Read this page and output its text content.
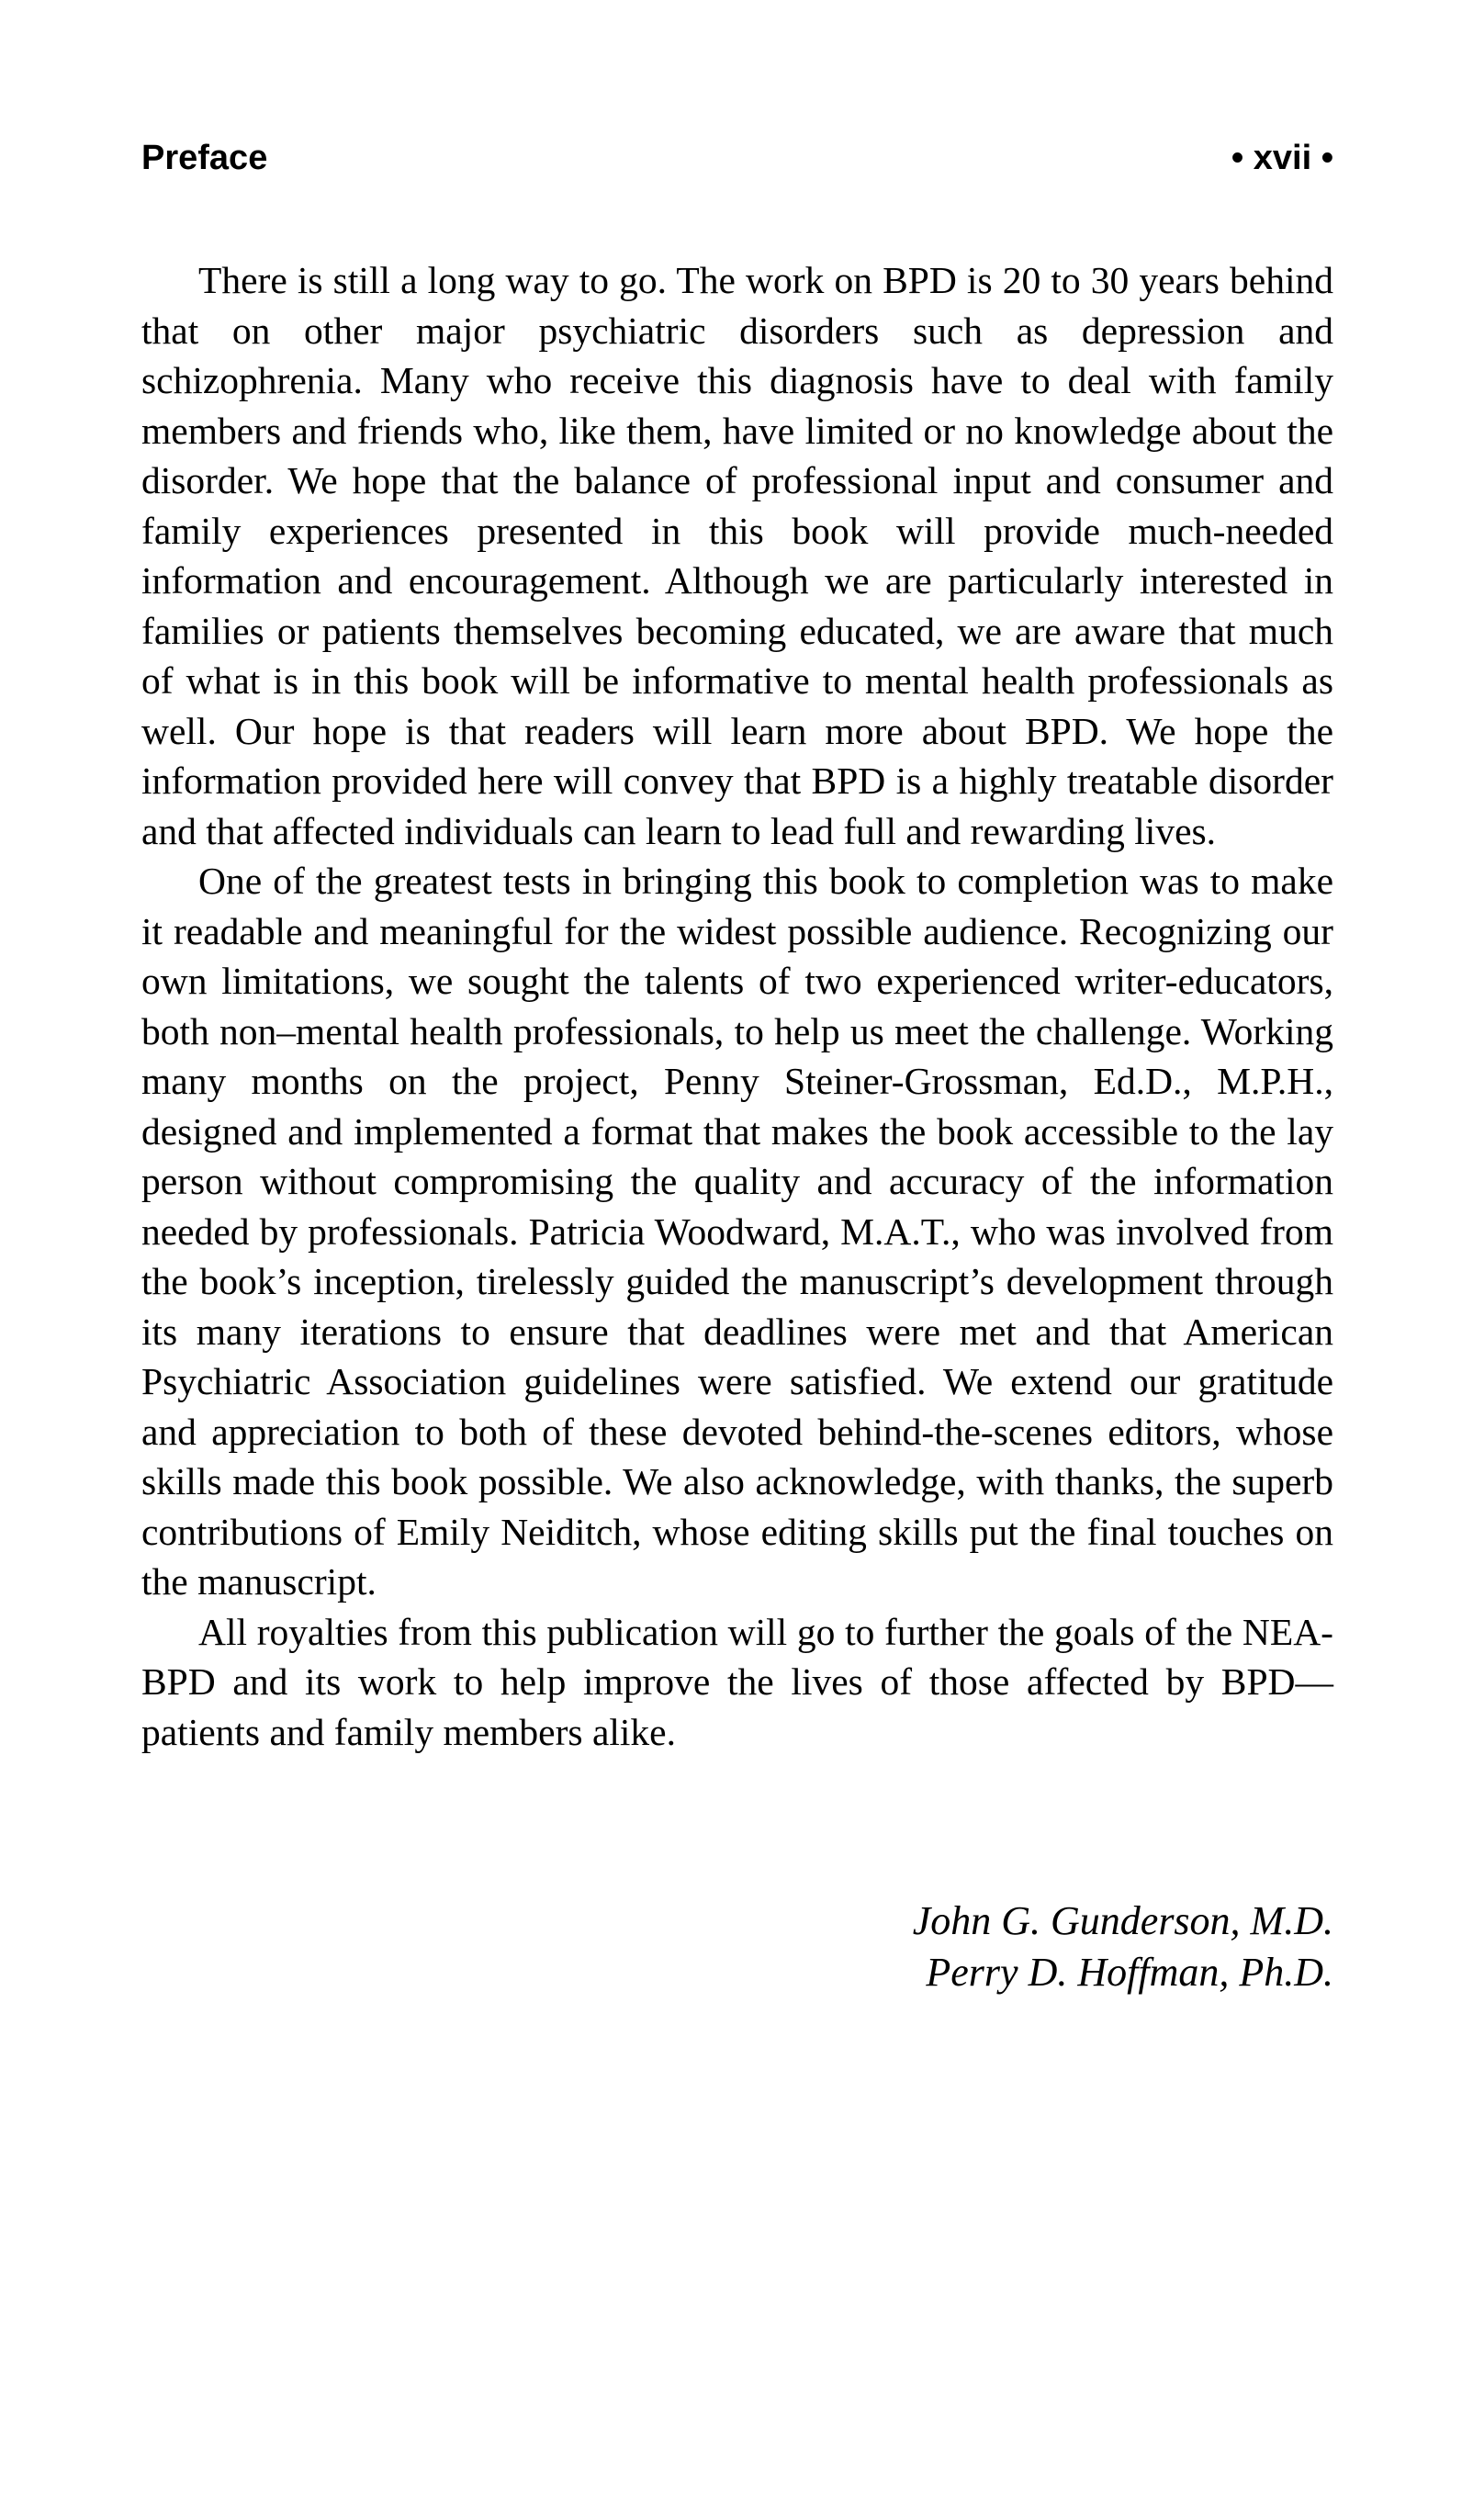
Preface	• xvii •

There is still a long way to go. The work on BPD is 20 to 30 years behind that on other major psychiatric disorders such as depression and schizophrenia. Many who receive this diagnosis have to deal with family members and friends who, like them, have limited or no knowledge about the disorder. We hope that the balance of professional input and consumer and family experiences presented in this book will provide much-needed information and encouragement. Although we are particularly interested in families or patients themselves becoming educated, we are aware that much of what is in this book will be informative to mental health professionals as well. Our hope is that readers will learn more about BPD. We hope the information provided here will convey that BPD is a highly treatable disorder and that affected individuals can learn to lead full and rewarding lives.

One of the greatest tests in bringing this book to completion was to make it readable and meaningful for the widest possible audience. Recognizing our own limitations, we sought the talents of two experienced writer-educators, both non–mental health professionals, to help us meet the challenge. Working many months on the project, Penny Steiner-Grossman, Ed.D., M.P.H., designed and implemented a format that makes the book accessible to the lay person without compromising the quality and accuracy of the information needed by professionals. Patricia Woodward, M.A.T., who was involved from the book’s inception, tirelessly guided the manuscript’s development through its many iterations to ensure that deadlines were met and that American Psychiatric Association guidelines were satisfied. We extend our gratitude and appreciation to both of these devoted behind-the-scenes editors, whose skills made this book possible. We also acknowledge, with thanks, the superb contributions of Emily Neiditch, whose editing skills put the final touches on the manuscript.

All royalties from this publication will go to further the goals of the NEA-BPD and its work to help improve the lives of those affected by BPD—patients and family members alike.

John G. Gunderson, M.D.
Perry D. Hoffman, Ph.D.
